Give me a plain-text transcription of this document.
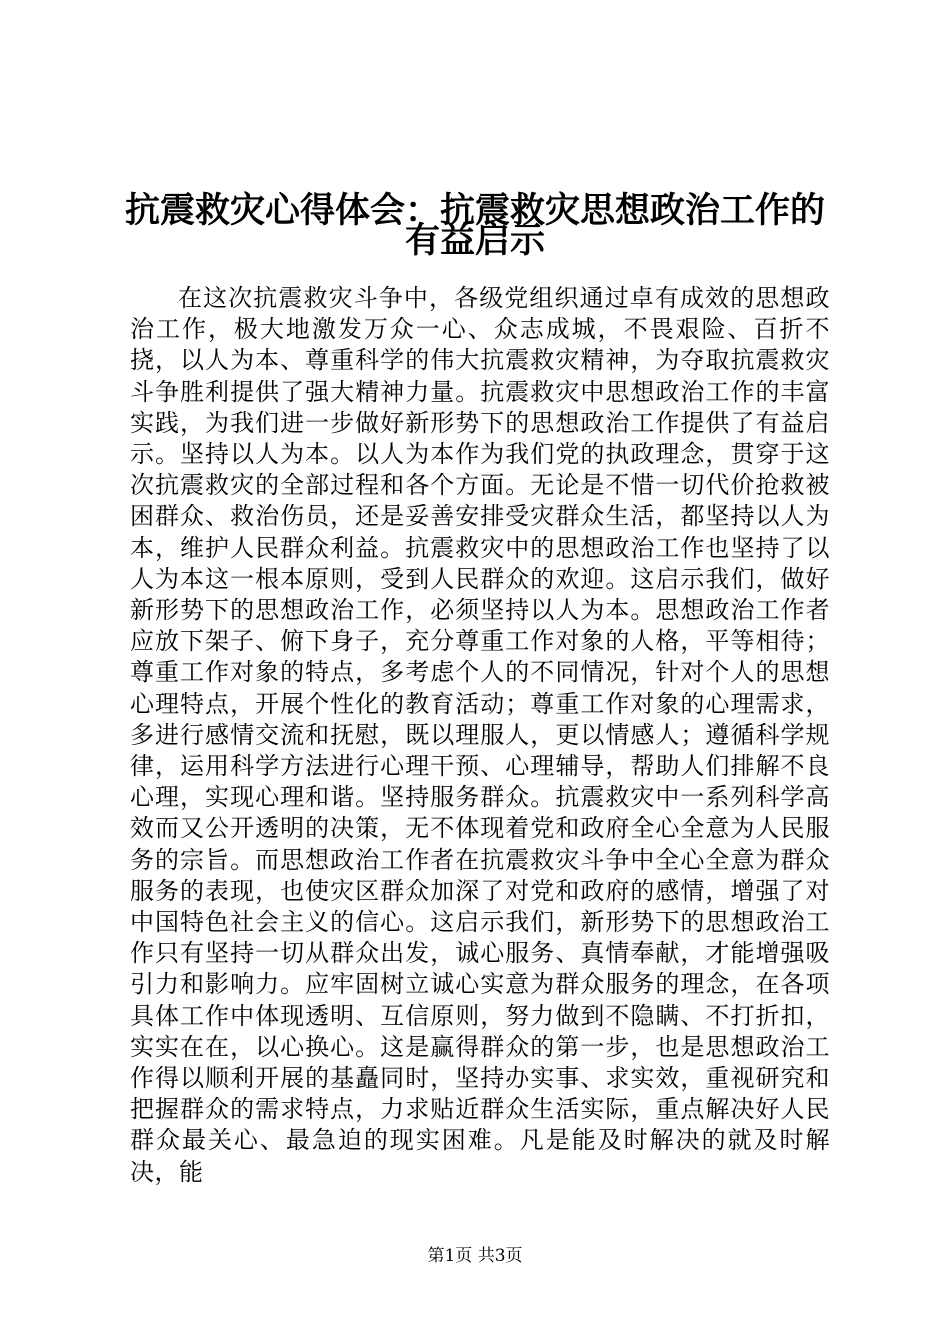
抗震救灾心得体会：抗震救灾思想政治工作的
有益启示

在这次抗震救灾斗争中，各级党组织通过卓有成效的思想政治工作，极大地激发万众一心、众志成城，不畏艰险、百折不挠，以人为本、尊重科学的伟大抗震救灾精神，为夺取抗震救灾斗争胜利提供了强大精神力量。抗震救灾中思想政治工作的丰富实践，为我们进一步做好新形势下的思想政治工作提供了有益启示。坚持以人为本。以人为本作为我们党的执政理念，贯穿于这次抗震救灾的全部过程和各个方面。无论是不惜一切代价抢救被困群众、救治伤员，还是妥善安排受灾群众生活，都坚持以人为本，维护人民群众利益。抗震救灾中的思想政治工作也坚持了以人为本这一根本原则，受到人民群众的欢迎。这启示我们，做好新形势下的思想政治工作，必须坚持以人为本。思想政治工作者应放下架子、俯下身子，充分尊重工作对象的人格，平等相待；尊重工作对象的特点，多考虑个人的不同情况，针对个人的思想心理特点，开展个性化的教育活动；尊重工作对象的心理需求，多进行感情交流和抚慰，既以理服人，更以情感人；遵循科学规律，运用科学方法进行心理干预、心理辅导，帮助人们排解不良心理，实现心理和谐。坚持服务群众。抗震救灾中一系列科学高效而又公开透明的决策，无不体现着党和政府全心全意为人民服务的宗旨。而思想政治工作者在抗震救灾斗争中全心全意为群众服务的表现，也使灾区群众加深了对党和政府的感情，增强了对中国特色社会主义的信心。这启示我们，新形势下的思想政治工作只有坚持一切从群众出发，诚心服务、真情奉献，才能增强吸引力和影响力。应牢固树立诚心实意为群众服务的理念，在各项具体工作中体现透明、互信原则，努力做到不隐瞒、不打折扣，实实在在，以心换心。这是赢得群众的第一步，也是思想政治工作得以顺利开展的基矗同时，坚持办实事、求实效，重视研究和把握群众的需求特点，力求贴近群众生活实际，重点解决好人民群众最关心、最急迫的现实困难。凡是能及时解决的就及时解决，能

第1页 共3页
